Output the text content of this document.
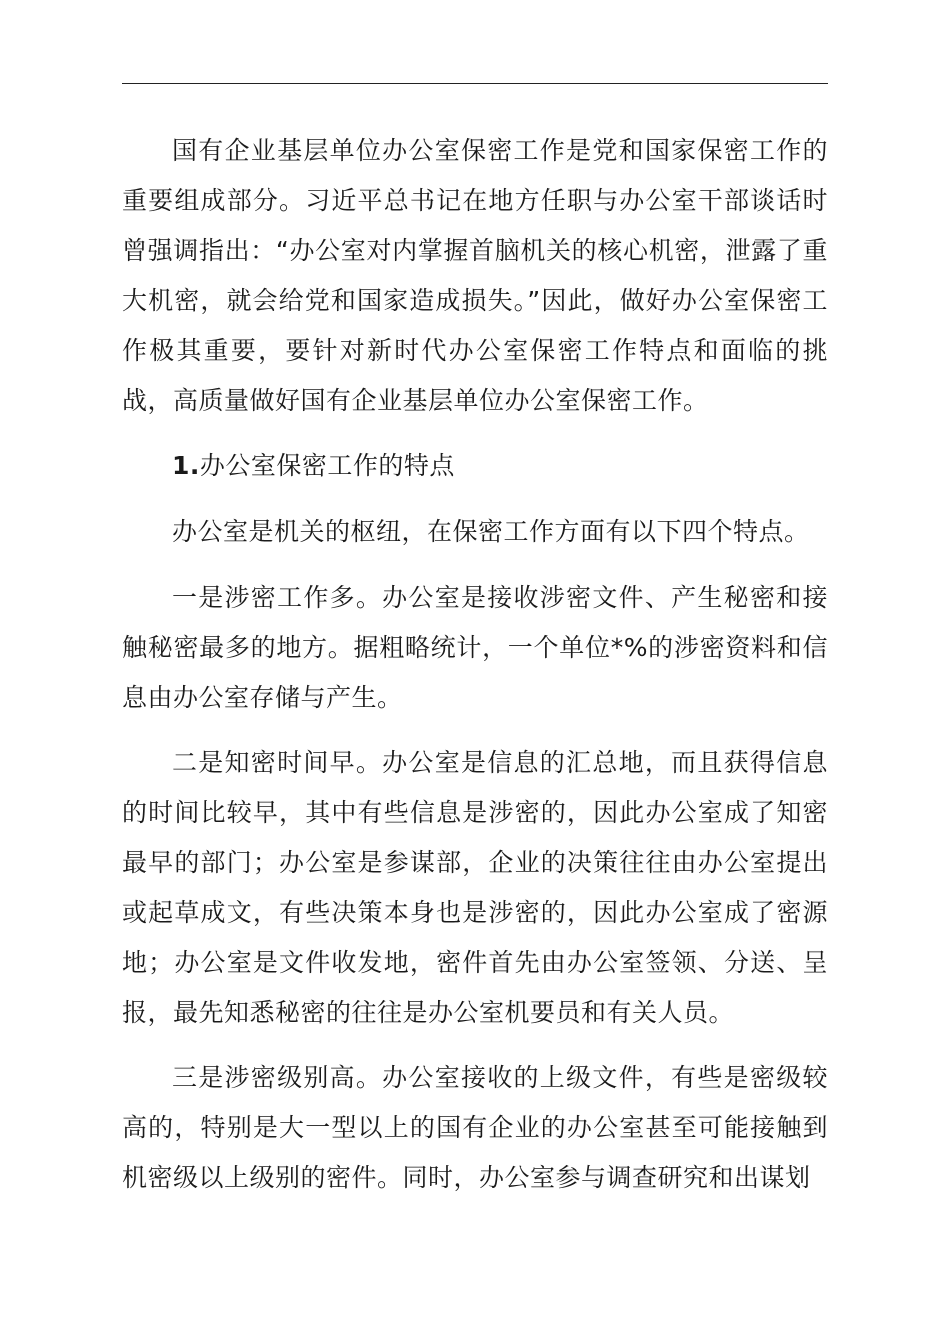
国有企业基层单位办公室保密工作是党和国家保密工作的重要组成部分。习近平总书记在地方任职与办公室干部谈话时曾强调指出：“办公室对内掌握首脑机关的核心机密，泄露了重大机密，就会给党和国家造成损失。”因此，做好办公室保密工作极其重要，要针对新时代办公室保密工作特点和面临的挑战，高质量做好国有企业基层单位办公室保密工作。

1.办公室保密工作的特点

办公室是机关的枢纽，在保密工作方面有以下四个特点。

一是涉密工作多。办公室是接收涉密文件、产生秘密和接触秘密最多的地方。据粗略统计，一个单位*%的涉密资料和信息由办公室存储与产生。

二是知密时间早。办公室是信息的汇总地，而且获得信息的时间比较早，其中有些信息是涉密的，因此办公室成了知密最早的部门；办公室是参谋部，企业的决策往往由办公室提出或起草成文，有些决策本身也是涉密的，因此办公室成了密源地；办公室是文件收发地，密件首先由办公室签领、分送、呈报，最先知悉秘密的往往是办公室机要员和有关人员。

三是涉密级别高。办公室接收的上级文件，有些是密级较高的，特别是大一型以上的国有企业的办公室甚至可能接触到机密级以上级别的密件。同时，办公室参与调查研究和出谋划
